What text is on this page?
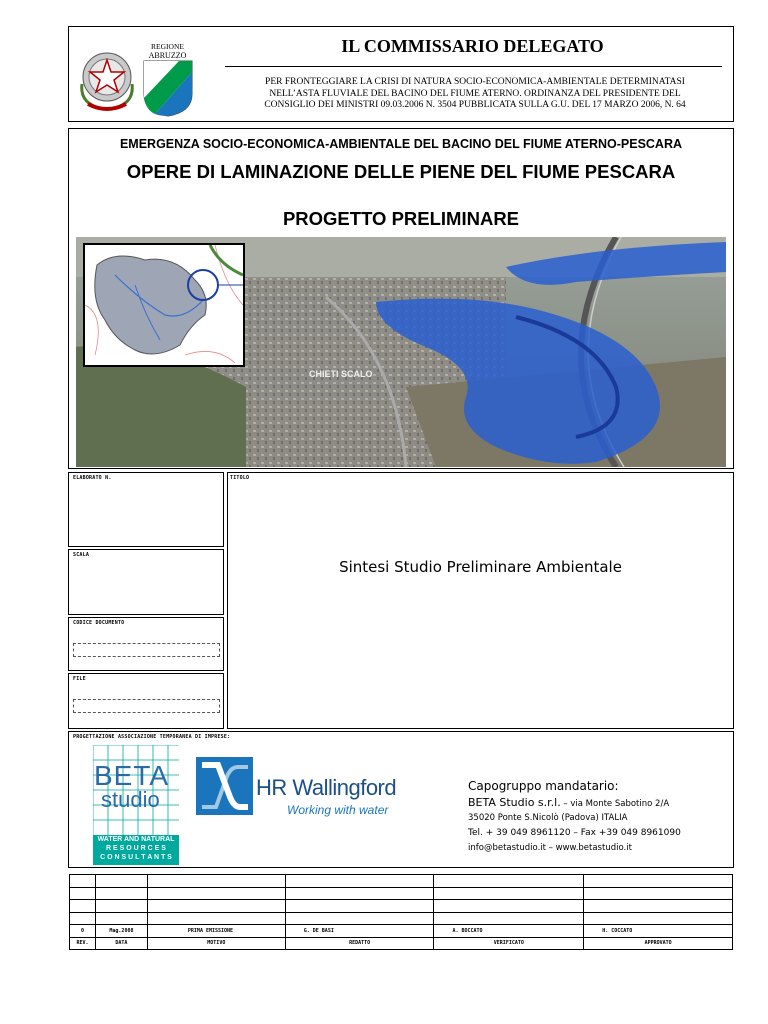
REGIONE
ABRUZZO	IL COMMISSARIO DELEGATO
PER FRONTEGGIARE LA CRISI DI NATURA SOCIO-ECONOMICA-AMBIENTALE DETERMINATASI
NELL’ASTA FLUVIALE DEL BACINO DEL FIUME ATERNO. ORDINANZA DEL PRESIDENTE DEL
CONSIGLIO DEI MINISTRI 09.03.2006 N. 3504 PUBBLICATA SULLA G.U. DEL 17 MARZO 2006, N. 64
EMERGENZA SOCIO-ECONOMICA-AMBIENTALE DEL BACINO DEL FIUME ATERNO-PESCARA
OPERE DI LAMINAZIONE DELLE PIENE DEL FIUME PESCARA
PROGETTO PRELIMINARE
CHIETI SCALO
ELABORATO N.
SCALA
CODICE DOCUMENTO
FILE
TITOLO
Sintesi Studio Preliminare Ambientale
PROGETTAZIONE ASSOCIAZIONE TEMPORANEA DI IMPRESE:
BETA
studio
WATER AND NATURAL
R E S O U R C E S
C O N S U L T A N T S
HR Wallingford
Working with water
Capogruppo mandatario:
BETA Studio s.r.l. – via Monte Sabotino 2/A
35020 Ponte S.Nicolò (Padova) ITALIA
Tel. + 39 049 8961120 – Fax +39 049 8961090
info@betastudio.it – www.betastudio.it

0	Mag.2008	PRIMA EMISSIONE	G. DE BASI	A. BOCCATO	H. COCCATO
REV.	DATA	MOTIVO	REDATTO	VERIFICATO	APPROVATO
